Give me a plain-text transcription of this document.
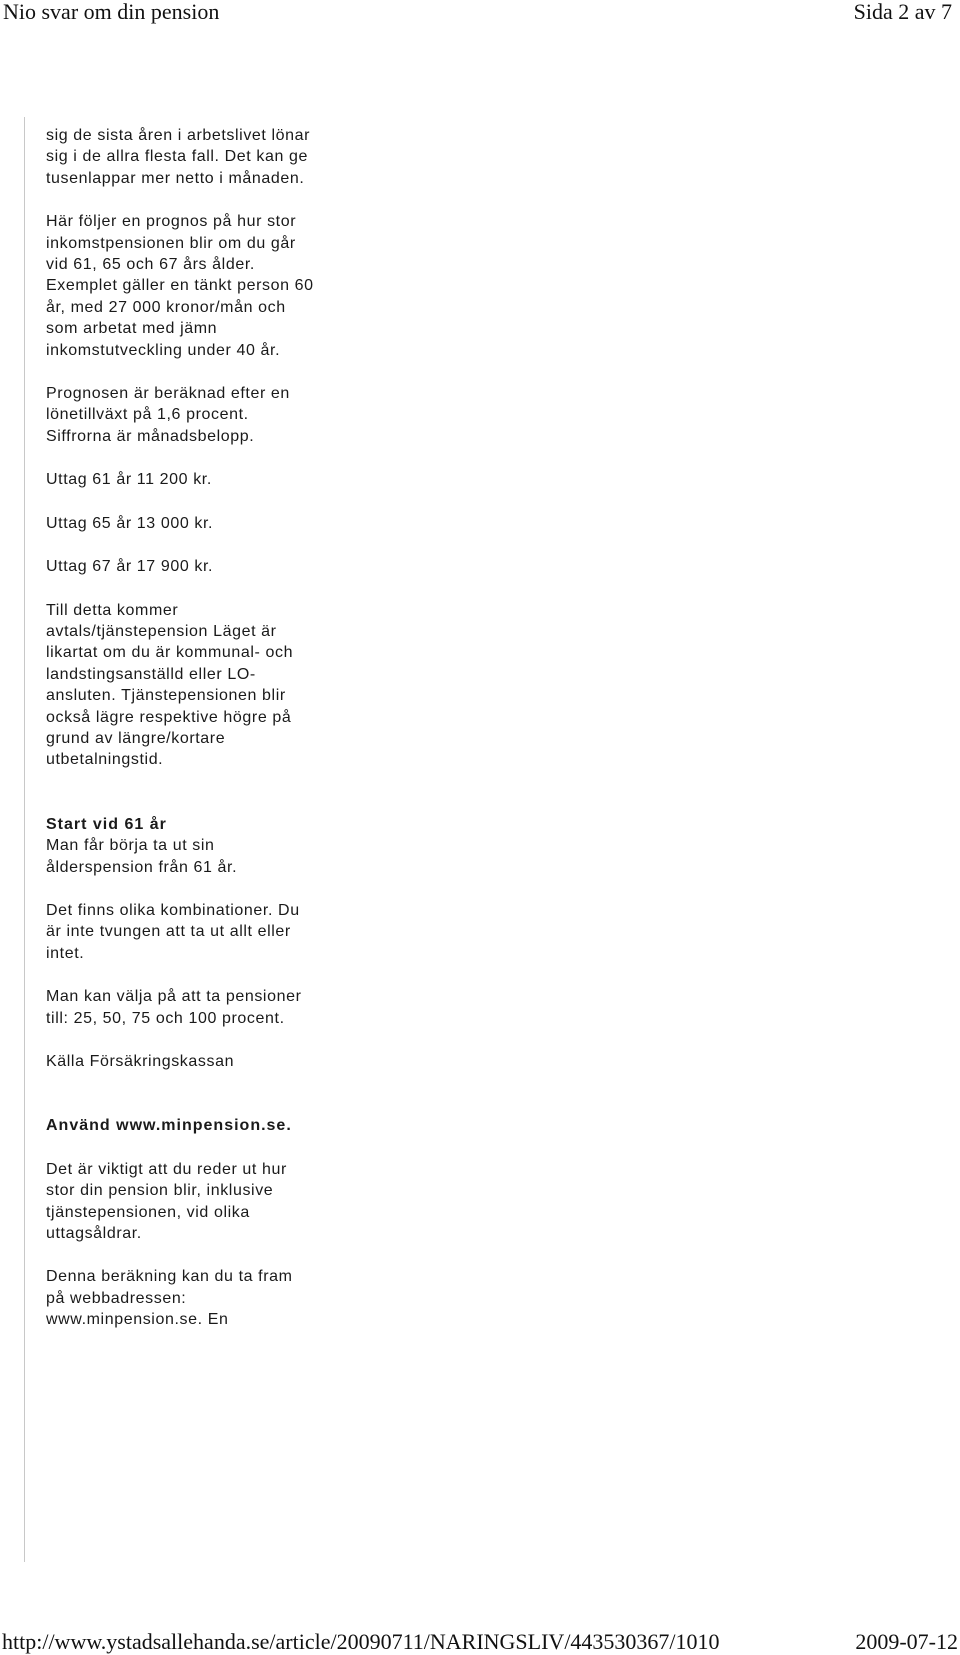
Nio svar om din pension	Sida 2 av 7

sig de sista åren i arbetslivet lönar sig i de allra flesta fall. Det kan ge tusenlappar mer netto i månaden.

Här följer en prognos på hur stor inkomstpensionen blir om du går vid 61, 65 och 67 års ålder. Exemplet gäller en tänkt person 60 år, med 27 000 kronor/mån och som arbetat med jämn inkomstutveckling under 40 år.

Prognosen är beräknad efter en lönetillväxt på 1,6 procent. Siffrorna är månadsbelopp.

Uttag 61 år 11 200 kr.

Uttag 65 år 13 000 kr.

Uttag 67 år 17 900 kr.

Till detta kommer avtals/tjänstepension Läget är likartat om du är kommunal- och landstingsanställd eller LO-ansluten. Tjänstepensionen blir också lägre respektive högre på grund av längre/kortare utbetalningstid.

Start vid 61 år
Man får börja ta ut sin ålderspension från 61 år.

Det finns olika kombinationer. Du är inte tvungen att ta ut allt eller intet.

Man kan välja på att ta pensioner till: 25, 50, 75 och 100 procent.

Källa Försäkringskassan

Använd www.minpension.se.

Det är viktigt att du reder ut hur stor din pension blir, inklusive tjänstepensionen, vid olika uttagsåldrar.

Denna beräkning kan du ta fram på webbadressen: www.minpension.se. En

http://www.ystadsallehanda.se/article/20090711/NARINGSLIV/443530367/1010	2009-07-12
